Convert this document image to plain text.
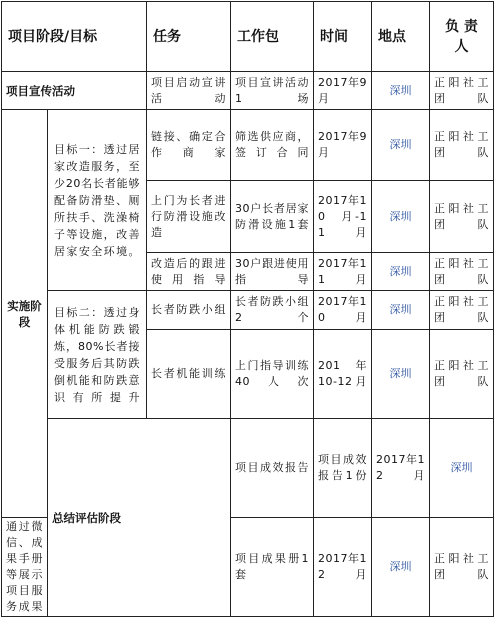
项目阶段/目标		任务	工作包	时间	地点	负 责 人	
项目宣传活动		项目启动宣讲活动	项目宣讲活动1场	2017年9月	深圳	正阳社工团队	
实施阶段	目标一：透过居家改造服务，至少20名长者能够配备防滑垫、厕所扶手、洗澡椅子等设施，改善居家安全环境。	链接、确定合作商家	筛选供应商，签订合同	2017年9月	深圳	正阳社工团队	
		上门为长者进行防滑设施改造	30户长者居家防滑设施1套	2017年10　月-11月	深圳	正阳社工团队	
		改造后的跟进使用指导	30户跟进使用指导	2017年11月	深圳	正阳社工团队	
	目标二：透过身体机能防跌锻炼，80%长者接受服务后其防跌倒机能和防跌意识有所提升	长者防跌小组	长者防跌小组2个	2017年10月	深圳	正阳社工团队	
		长者机能训练	上门指导训练40人次	201　年10-12月	深圳	正阳社工团队	
	总结评估阶段		项目成效报告	项目成效报告1份	2017年12月	深圳	
通过微信、成果手册等展示项目服务成果			项目成果册1套	2017年12月	深圳	正阳社工团队	
